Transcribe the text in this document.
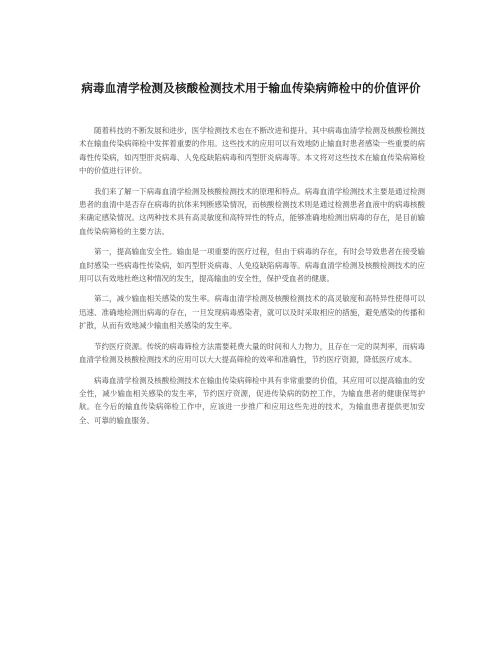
病毒血清学检测及核酸检测技术用于输血传染病筛检中的价值评价

随着科技的不断发展和进步，医学检测技术也在不断改进和提升。其中病毒血清学检测及核酸检测技术在输血传染病筛检中发挥着重要的作用。这些技术的应用可以有效地防止输血时患者感染一些重要的病毒性传染病，如丙型肝炎病毒、人免疫缺陷病毒和丙型肝炎病毒等。本文将对这些技术在输血传染病筛检中的价值进行评价。

我们来了解一下病毒血清学检测及核酸检测技术的原理和特点。病毒血清学检测技术主要是通过检测患者的血清中是否存在病毒的抗体来判断感染情况，而核酸检测技术则是通过检测患者血液中的病毒核酸来确定感染情况。这两种技术具有高灵敏度和高特异性的特点，能够准确地检测出病毒的存在，是目前输血传染病筛检的主要方法。

第一，提高输血安全性。输血是一项重要的医疗过程，但由于病毒的存在，有时会导致患者在接受输血时感染一些病毒性传染病，如丙型肝炎病毒、人免疫缺陷病毒等。病毒血清学检测及核酸检测技术的应用可以有效地杜绝这种情况的发生，提高输血的安全性，保护受血者的健康。

第二，减少输血相关感染的发生率。病毒血清学检测及核酸检测技术的高灵敏度和高特异性使得可以迅速、准确地检测出病毒的存在，一旦发现病毒感染者，就可以及时采取相应的措施，避免感染的传播和扩散，从而有效地减少输血相关感染的发生率。

节约医疗资源。传统的病毒筛检方法需要耗费大量的时间和人力物力，且存在一定的误判率，而病毒血清学检测及核酸检测技术的应用可以大大提高筛检的效率和准确性，节约医疗资源，降低医疗成本。

病毒血清学检测及核酸检测技术在输血传染病筛检中具有非常重要的价值，其应用可以提高输血的安全性，减少输血相关感染的发生率，节约医疗资源，促进传染病的防控工作，为输血患者的健康保驾护航。在今后的输血传染病筛检工作中，应该进一步推广和应用这些先进的技术，为输血患者提供更加安全、可靠的输血服务。
